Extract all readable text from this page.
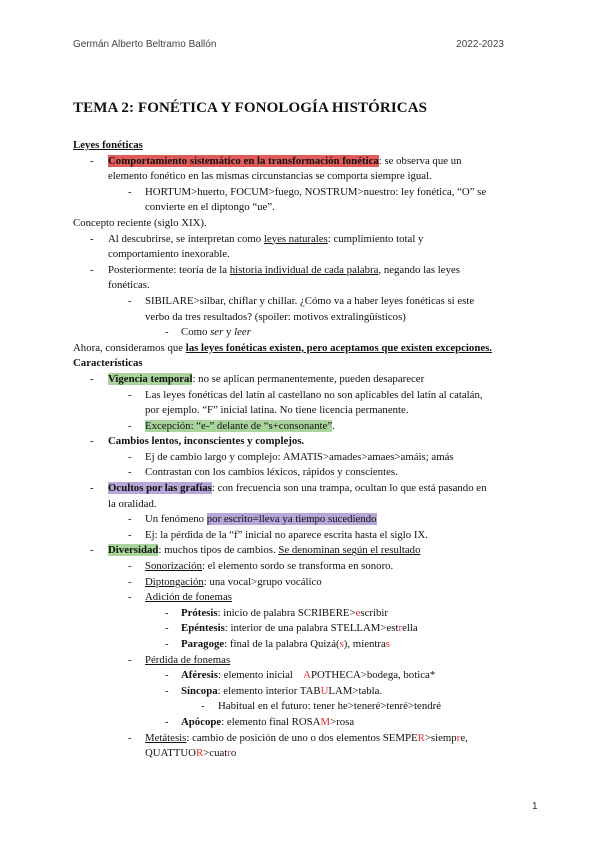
Germán Alberto Beltramo Ballón	2022-2023
TEMA 2: FONÉTICA Y FONOLOGÍA HISTÓRICAS
Leyes fonéticas
- Comportamiento sistemático en la transformación fonética: se observa que un
elemento fonético en las mismas circunstancias se comporta siempre igual.
- HORTUM>huerto, FOCUM>fuego, NOSTRUM>nuestro: ley fonética, “O” se
convierte en el diptongo “ue”.
Concepto reciente (siglo XIX).
- Al descubrirse, se interpretan como leyes naturales: cumplimiento total y
comportamiento inexorable.
- Posteriormente: teoría de la historia individual de cada palabra, negando las leyes
fonéticas.
- SIBILARE>silbar, chiflar y chillar. ¿Cómo va a haber leyes fonéticas si este
verbo da tres resultados? (spoiler: motivos extralingüísticos)
- Como ser y leer
Ahora, consideramos que las leyes fonéticas existen, pero aceptamos que existen excepciones.
Características
- Vigencia temporal: no se aplican permanentemente, pueden desaparecer
- Las leyes fonéticas del latín al castellano no son aplicables del latín al catalán,
por ejemplo. “F” inicial latina. No tiene licencia permanente.
- Excepción: “e-” delante de “s+consonante”.
- Cambios lentos, inconscientes y complejos.
- Ej de cambio largo y complejo: AMATIS>amades>amaes>amáis; amás
- Contrastan con los cambios léxicos, rápidos y conscientes.
- Ocultos por las grafías: con frecuencia son una trampa, ocultan lo que está pasando en
la oralidad.
- Un fenómeno por escrito=lleva ya tiempo sucediendo
- Ej: la pérdida de la “f” inicial no aparece escrita hasta el siglo IX.
- Diversidad: muchos tipos de cambios. Se denominan según el resultado
- Sonorización: el elemento sordo se transforma en sonoro.
- Diptongación: una vocal>grupo vocálico
- Adición de fonemas
- Prótesis: inicio de palabra SCRIBERE>escribir
- Epéntesis: interior de una palabra STELLAM>estrella
- Paragoge: final de la palabra Quizá(s), mientras
- Pérdida de fonemas
- Aféresis: elemento inicial    APOTHECA>bodega, botica*
- Síncopa: elemento interior TABULAM>tabla.
- Habitual en el futuro: tener he>teneré>tenré>tendré
- Apócope: elemento final ROSAM>rosa
- Metátesis: cambio de posición de uno o dos elementos SEMPER>siempre,
QUATTUOR>cuatro
1
